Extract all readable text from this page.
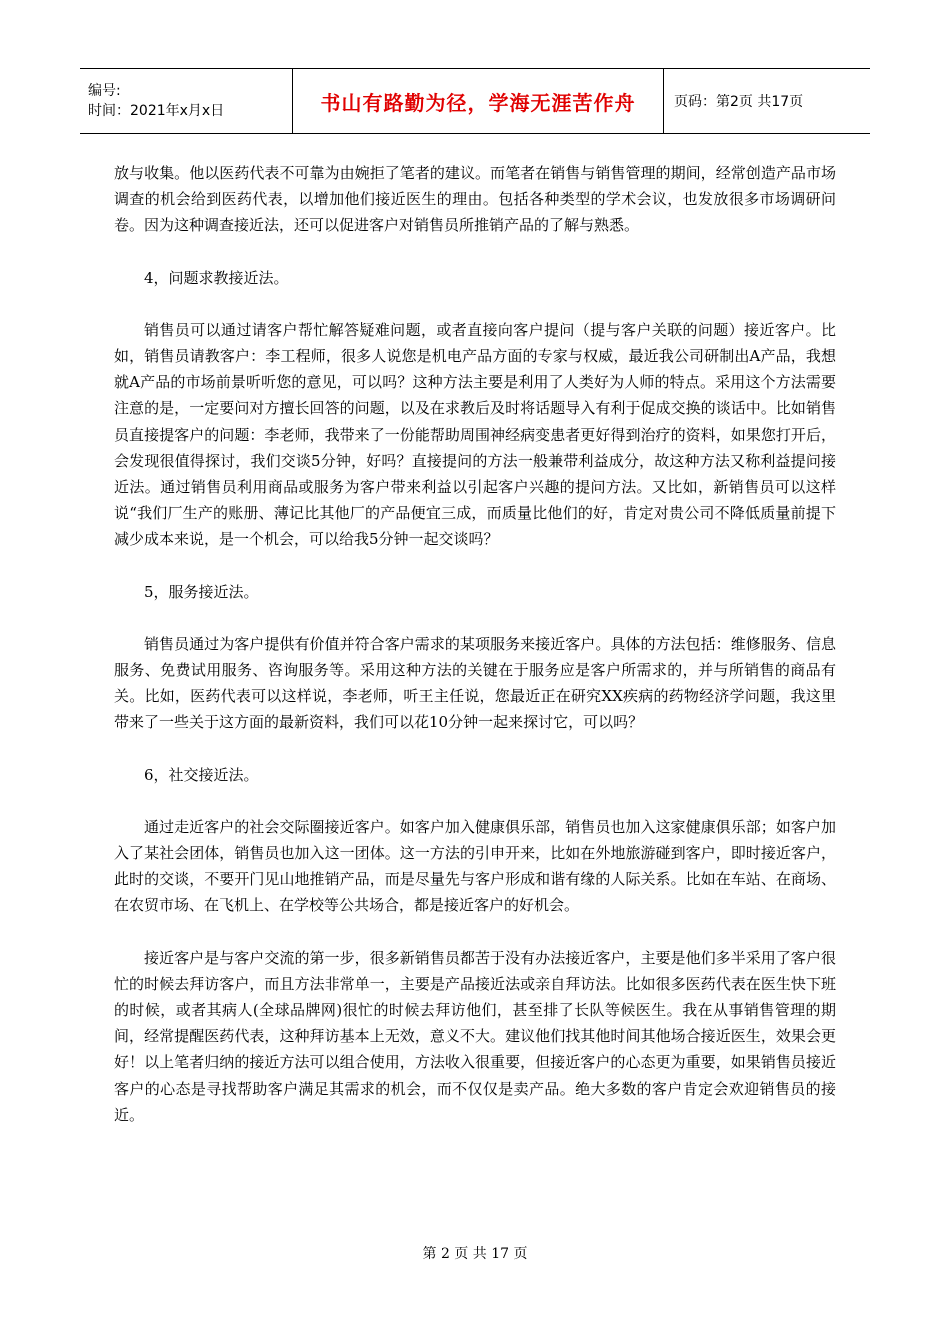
编号:
时间：2021年x月x日	书山有路勤为径，学海无涯苦作舟	页码：第2页 共17页

放与收集。他以医药代表不可靠为由婉拒了笔者的建议。而笔者在销售与销售管理的期间，经常创造产品市场调查的机会给到医药代表，以增加他们接近医生的理由。包括各种类型的学术会议，也发放很多市场调研问卷。因为这种调查接近法，还可以促进客户对销售员所推销产品的了解与熟悉。

4，问题求教接近法。

销售员可以通过请客户帮忙解答疑难问题，或者直接向客户提问（提与客户关联的问题）接近客户。比如，销售员请教客户：李工程师，很多人说您是机电产品方面的专家与权威，最近我公司研制出A产品，我想就A产品的市场前景听听您的意见，可以吗？这种方法主要是利用了人类好为人师的特点。采用这个方法需要注意的是，一定要问对方擅长回答的问题，以及在求教后及时将话题导入有利于促成交换的谈话中。比如销售员直接提客户的问题：李老师，我带来了一份能帮助周围神经病变患者更好得到治疗的资料，如果您打开后，会发现很值得探讨，我们交谈5分钟，好吗？直接提问的方法一般兼带利益成分，故这种方法又称利益提问接近法。通过销售员利用商品或服务为客户带来利益以引起客户兴趣的提问方法。又比如，新销售员可以这样说“我们厂生产的账册、薄记比其他厂的产品便宜三成，而质量比他们的好，肯定对贵公司不降低质量前提下减少成本来说，是一个机会，可以给我5分钟一起交谈吗？

5，服务接近法。

销售员通过为客户提供有价值并符合客户需求的某项服务来接近客户。具体的方法包括：维修服务、信息服务、免费试用服务、咨询服务等。采用这种方法的关键在于服务应是客户所需求的，并与所销售的商品有关。比如，医药代表可以这样说，李老师，听王主任说，您最近正在研究XX疾病的药物经济学问题，我这里带来了一些关于这方面的最新资料，我们可以花10分钟一起来探讨它，可以吗？

6，社交接近法。

通过走近客户的社会交际圈接近客户。如客户加入健康俱乐部，销售员也加入这家健康俱乐部；如客户加入了某社会团体，销售员也加入这一团体。这一方法的引申开来，比如在外地旅游碰到客户，即时接近客户，此时的交谈，不要开门见山地推销产品，而是尽量先与客户形成和谐有缘的人际关系。比如在车站、在商场、在农贸市场、在飞机上、在学校等公共场合，都是接近客户的好机会。

接近客户是与客户交流的第一步，很多新销售员都苦于没有办法接近客户，主要是他们多半采用了客户很忙的时候去拜访客户，而且方法非常单一，主要是产品接近法或亲自拜访法。比如很多医药代表在医生快下班的时候，或者其病人(全球品牌网)很忙的时候去拜访他们，甚至排了长队等候医生。我在从事销售管理的期间，经常提醒医药代表，这种拜访基本上无效，意义不大。建议他们找其他时间其他场合接近医生，效果会更好！以上笔者归纳的接近方法可以组合使用，方法收入很重要，但接近客户的心态更为重要，如果销售员接近客户的心态是寻找帮助客户满足其需求的机会，而不仅仅是卖产品。绝大多数的客户肯定会欢迎销售员的接近。

第 2 页 共 17 页
